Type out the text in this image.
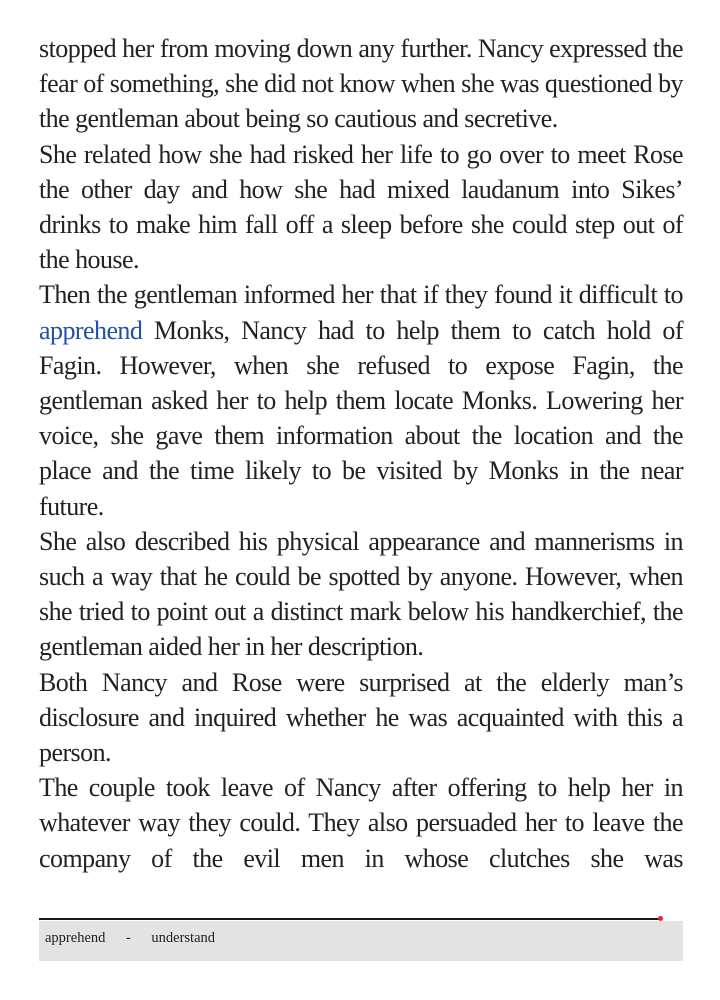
stopped her from moving down any further. Nancy expressed the fear of something, she did not know when she was questioned by the gentleman about being so cautious and secretive.

She related how she had risked her life to go over to meet Rose the other day and how she had mixed laudanum into Sikes’ drinks to make him fall off a sleep before she could step out of the house.

Then the gentleman informed her that if they found it difficult to apprehend Monks, Nancy had to help them to catch hold of Fagin. However, when she refused to expose Fagin, the gentleman asked her to help them locate Monks. Lowering her voice, she gave them information about the location and the place and the time likely to be visited by Monks in the near future.

She also described his physical appearance and mannerisms in such a way that he could be spotted by anyone. However, when she tried to point out a distinct mark below his handkerchief, the gentleman aided her in her description.

Both Nancy and Rose were surprised at the elderly man’s disclosure and inquired whether he was acquainted with this a person.

The couple took leave of Nancy after offering to help her in whatever way they could. They also persuaded her to leave the company of the evil men in whose clutches she was

apprehend - understand
